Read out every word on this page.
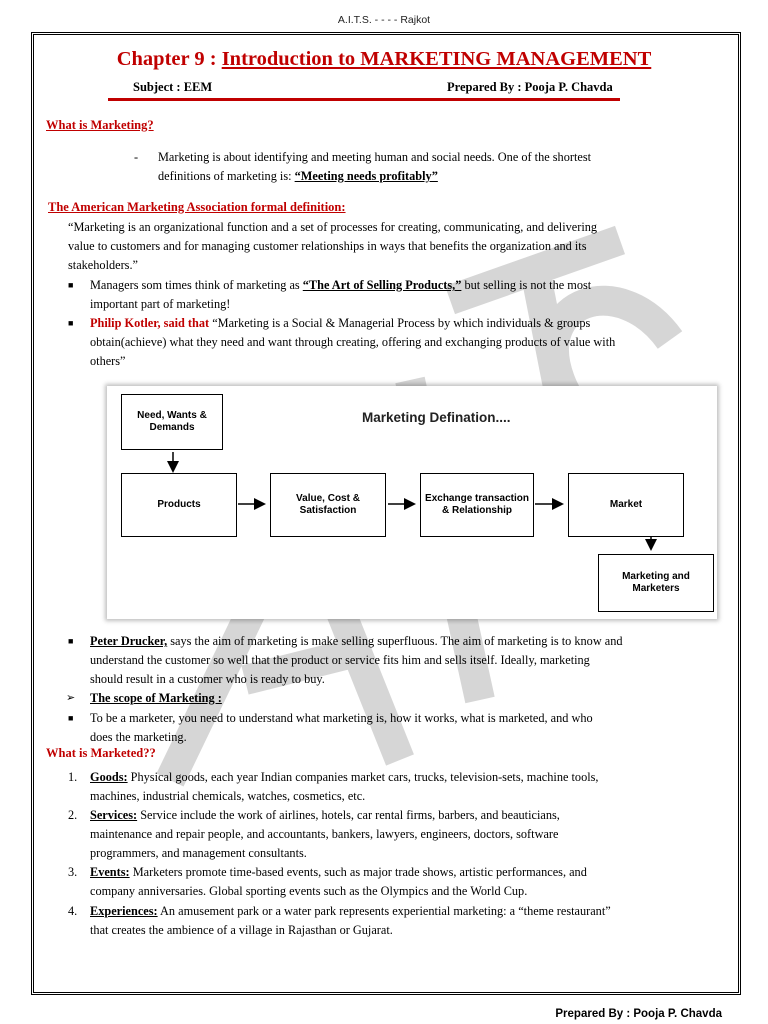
A.I.T.S. - - - - Rajkot
Chapter 9 : Introduction to MARKETING MANAGEMENT
Subject : EEM	Prepared By : Pooja P. Chavda
What is Marketing?
- Marketing is about identifying and meeting human and social needs. One of the shortest
definitions of marketing is: “Meeting needs profitably”
The American Marketing Association formal definition:
“Marketing is an organizational function and a set of processes for creating, communicating, and delivering
value to customers and for managing customer relationships in ways that benefits the organization and its
stakeholders.”
■ Managers som times think of marketing as “The Art of Selling Products,” but selling is not the most
important part of marketing!
■ Philip Kotler, said that “Marketing is a Social & Managerial Process by which individuals & groups
obtain(achieve) what they need and want through creating, offering and exchanging products of value with
others”
Marketing Defination....
Need, Wants & Demands
Products
Value, Cost & Satisfaction
Exchange transaction & Relationship
Market
Marketing and Marketers
■ Peter Drucker, says the aim of marketing is make selling superfluous. The aim of marketing is to know and
understand the customer so well that the product or service fits him and sells itself. Ideally, marketing
should result in a customer who is ready to buy.
➢ The scope of Marketing :
■ To be a marketer, you need to understand what marketing is, how it works, what is marketed, and who
does the marketing.
What is Marketed??
1. Goods: Physical goods, each year Indian companies market cars, trucks, television-sets, machine tools,
machines, industrial chemicals, watches, cosmetics, etc.
2. Services: Service include the work of airlines, hotels, car rental firms, barbers, and beauticians,
maintenance and repair people, and accountants, bankers, lawyers, engineers, doctors, software
programmers, and management consultants.
3. Events: Marketers promote time-based events, such as major trade shows, artistic performances, and
company anniversaries. Global sporting events such as the Olympics and the World Cup.
4. Experiences: An amusement park or a water park represents experiential marketing: a “theme restaurant”
that creates the ambience of a village in Rajasthan or Gujarat.
Prepared By : Pooja P. Chavda
